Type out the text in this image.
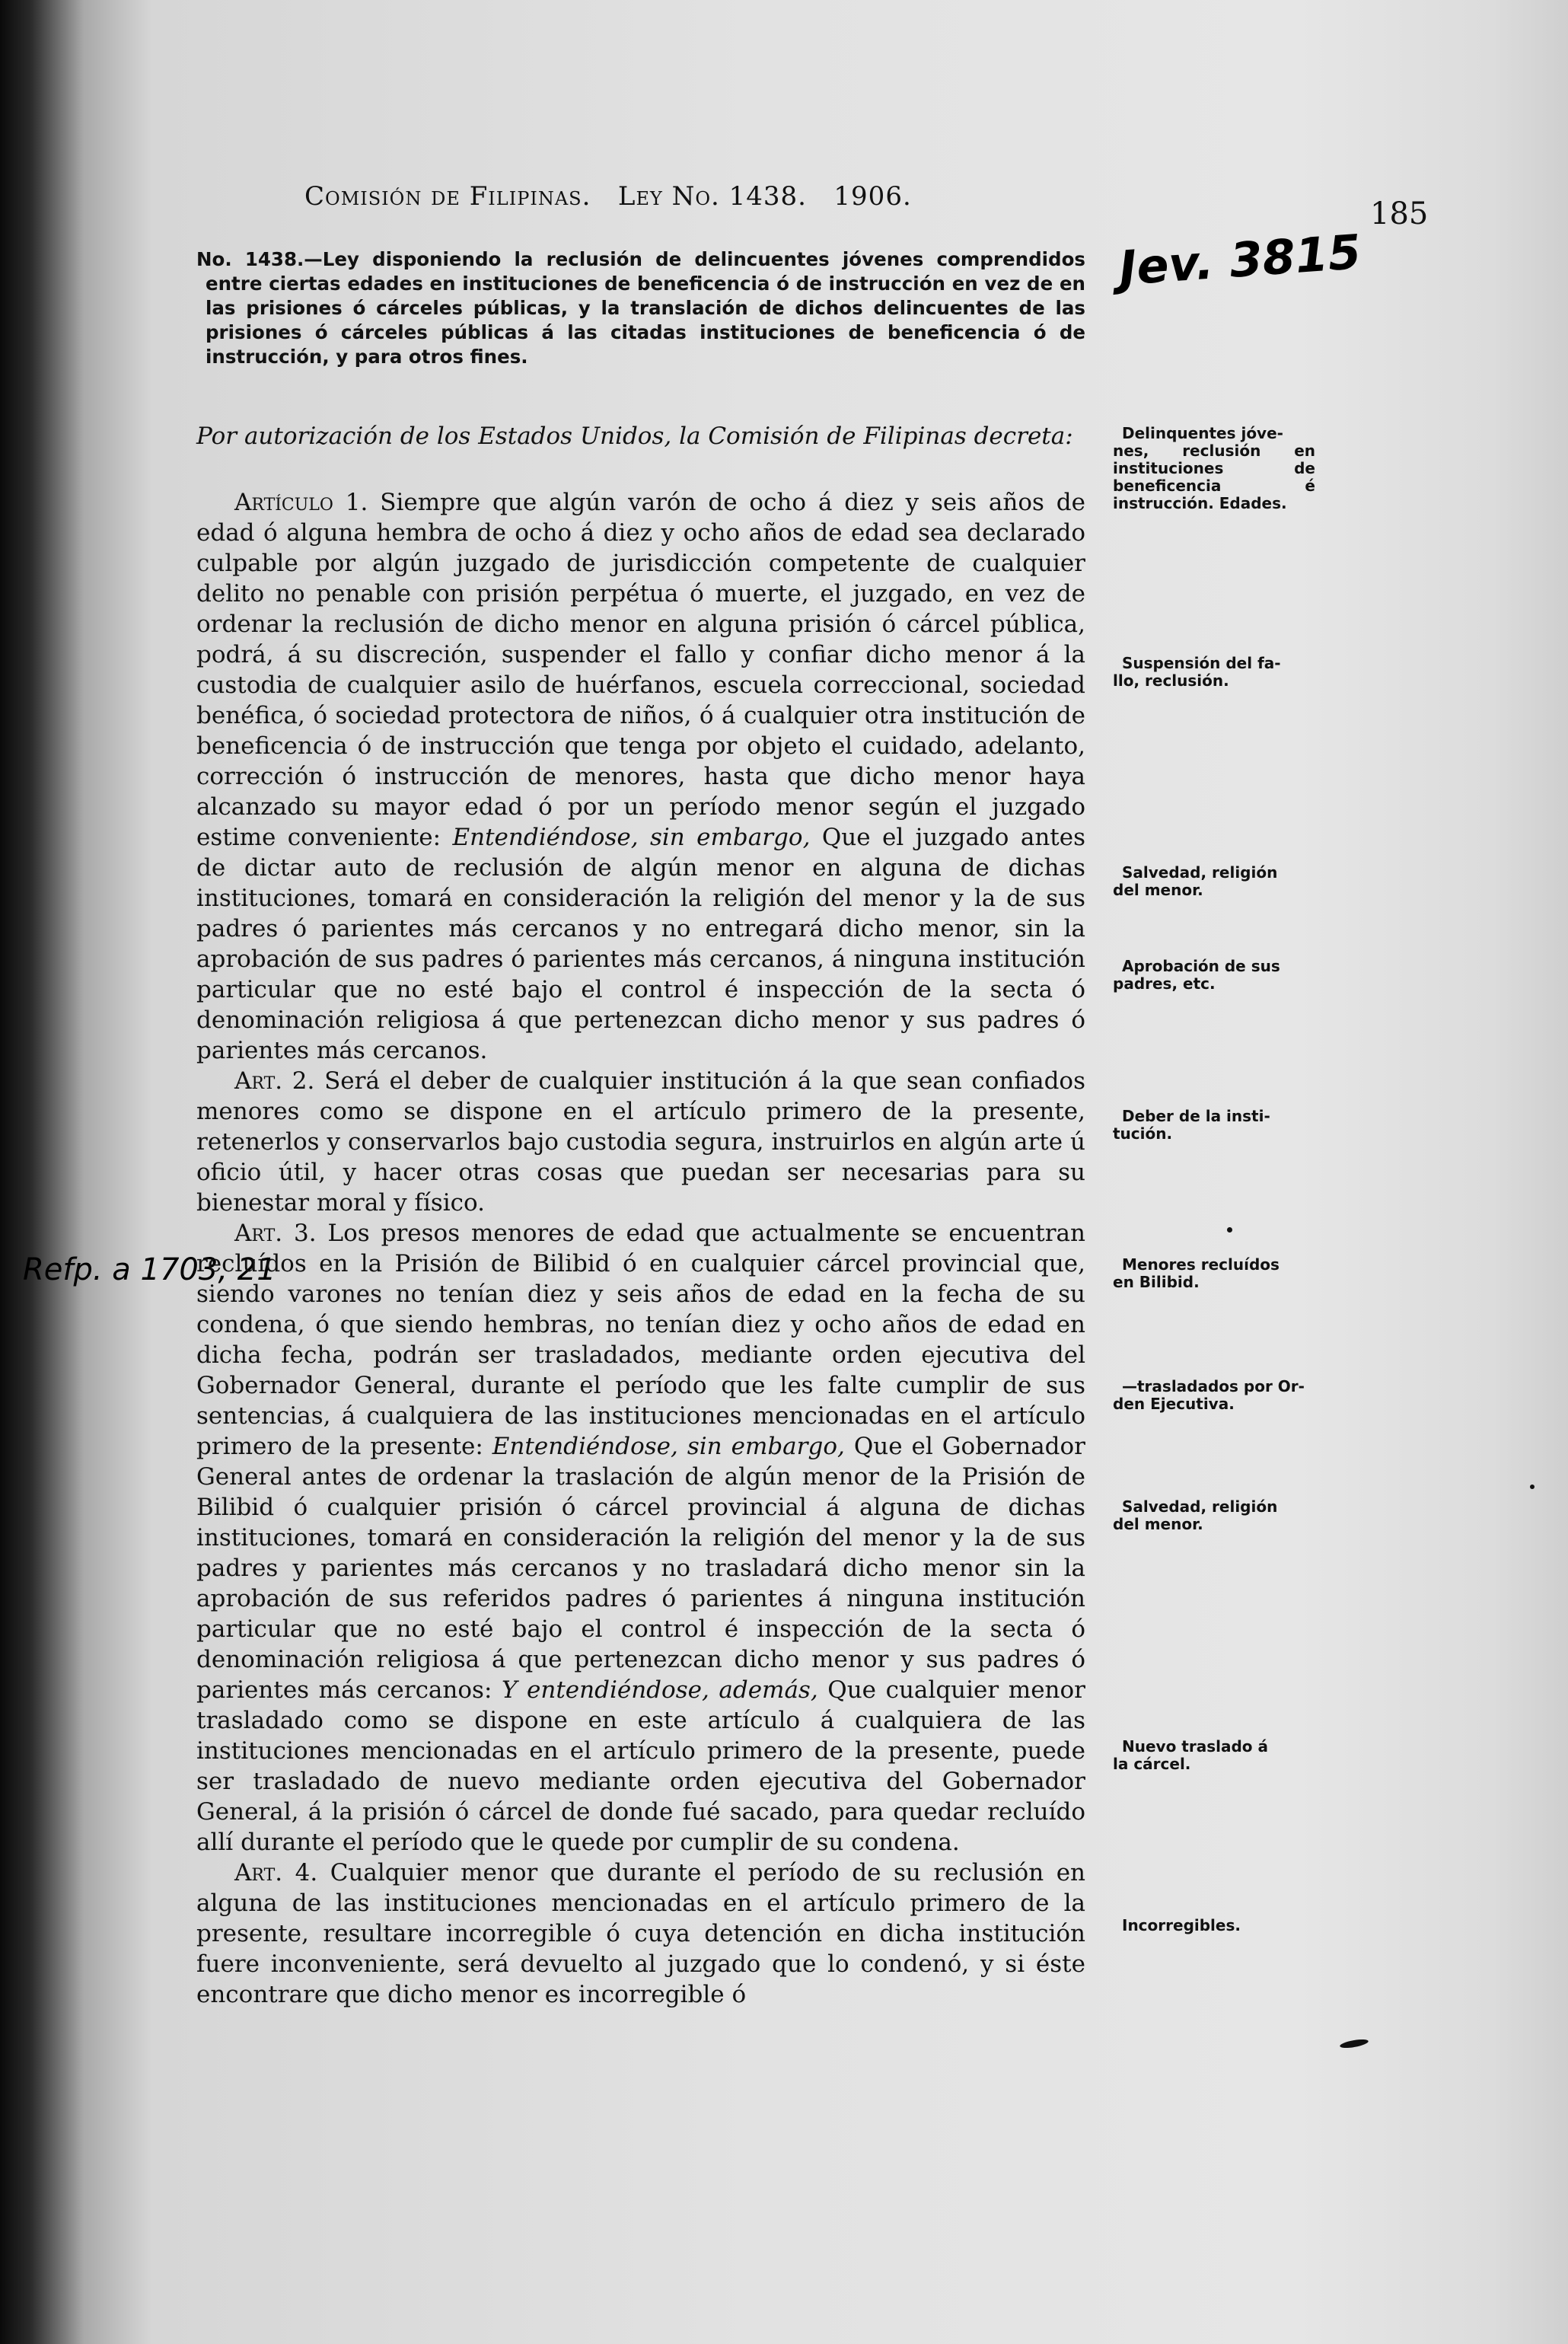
Comisión de Filipinas. Ley No. 1438. 1906.	185
Jev. 3815
Refp. a 1703, 21

No. 1438.—Ley disponiendo la reclusión de delincuentes jóvenes comprendidos entre ciertas edades en instituciones de beneficencia ó de instrucción en vez de en las prisiones ó cárceles públicas, y la translación de dichos delincuentes de las prisiones ó cárceles públicas á las citadas instituciones de beneficencia ó de instrucción, y para otros fines.

Por autorización de los Estados Unidos, la Comisión de Filipinas decreta:

Artículo 1. Siempre que algún varón de ocho á diez y seis años de edad ó alguna hembra de ocho á diez y ocho años de edad sea declarado culpable por algún juzgado de jurisdicción competente de cualquier delito no penable con prisión perpétua ó muerte, el juzgado, en vez de ordenar la reclusión de dicho menor en alguna prisión ó cárcel pública, podrá, á su discreción, suspender el fallo y confiar dicho menor á la custodia de cualquier asilo de huérfanos, escuela correccional, sociedad benéfica, ó sociedad protectora de niños, ó á cualquier otra institución de beneficencia ó de instrucción que tenga por objeto el cuidado, adelanto, corrección ó instrucción de menores, hasta que dicho menor haya alcanzado su mayor edad ó por un período menor según el juzgado estime conveniente: Entendiéndose, sin embargo, Que el juzgado antes de dictar auto de reclusión de algún menor en alguna de dichas instituciones, tomará en consideración la religión del menor y la de sus padres ó parientes más cercanos y no entregará dicho menor, sin la aprobación de sus padres ó parientes más cercanos, á ninguna institución particular que no esté bajo el control é inspección de la secta ó denominación religiosa á que pertenezcan dicho menor y sus padres ó parientes más cercanos.

Art. 2. Será el deber de cualquier institución á la que sean confiados menores como se dispone en el artículo primero de la presente, retenerlos y conservarlos bajo custodia segura, instruirlos en algún arte ú oficio útil, y hacer otras cosas que puedan ser necesarias para su bienestar moral y físico.

Art. 3. Los presos menores de edad que actualmente se encuentran recluídos en la Prisión de Bilibid ó en cualquier cárcel provincial que, siendo varones no tenían diez y seis años de edad en la fecha de su condena, ó que siendo hembras, no tenían diez y ocho años de edad en dicha fecha, podrán ser trasladados, mediante orden ejecutiva del Gobernador General, durante el período que les falte cumplir de sus sentencias, á cualquiera de las instituciones mencionadas en el artículo primero de la presente: Entendiéndose, sin embargo, Que el Gobernador General antes de ordenar la traslación de algún menor de la Prisión de Bilibid ó cualquier prisión ó cárcel provincial á alguna de dichas instituciones, tomará en consideración la religión del menor y la de sus padres y parientes más cercanos y no trasladará dicho menor sin la aprobación de sus referidos padres ó parientes á ninguna institución particular que no esté bajo el control é inspección de la secta ó denominación religiosa á que pertenezcan dicho menor y sus padres ó parientes más cercanos: Y entendiéndose, además, Que cualquier menor trasladado como se dispone en este artículo á cualquiera de las instituciones mencionadas en el artículo primero de la presente, puede ser trasladado de nuevo mediante orden ejecutiva del Gobernador General, á la prisión ó cárcel de donde fué sacado, para quedar recluído allí durante el período que le quede por cumplir de su condena.

Art. 4. Cualquier menor que durante el período de su reclusión en alguna de las instituciones mencionadas en el artículo primero de la presente, resultare incorregible ó cuya detención en dicha institución fuere inconveniente, será devuelto al juzgado que lo condenó, y si éste encontrare que dicho menor es incorregible ó

Delinquentes jóve-
nes, reclusión en instituciones de beneficencia é instrucción. Edades.
Suspensión del fa-
llo, reclusión.
Salvedad, religión
del menor.
Aprobación de sus
padres, etc.
Deber de la insti-
tución.
Menores recluídos
en Bilibid.
—trasladados por Or-
den Ejecutiva.
Salvedad, religión
del menor.
Nuevo traslado á
la cárcel.
Incorregibles.
